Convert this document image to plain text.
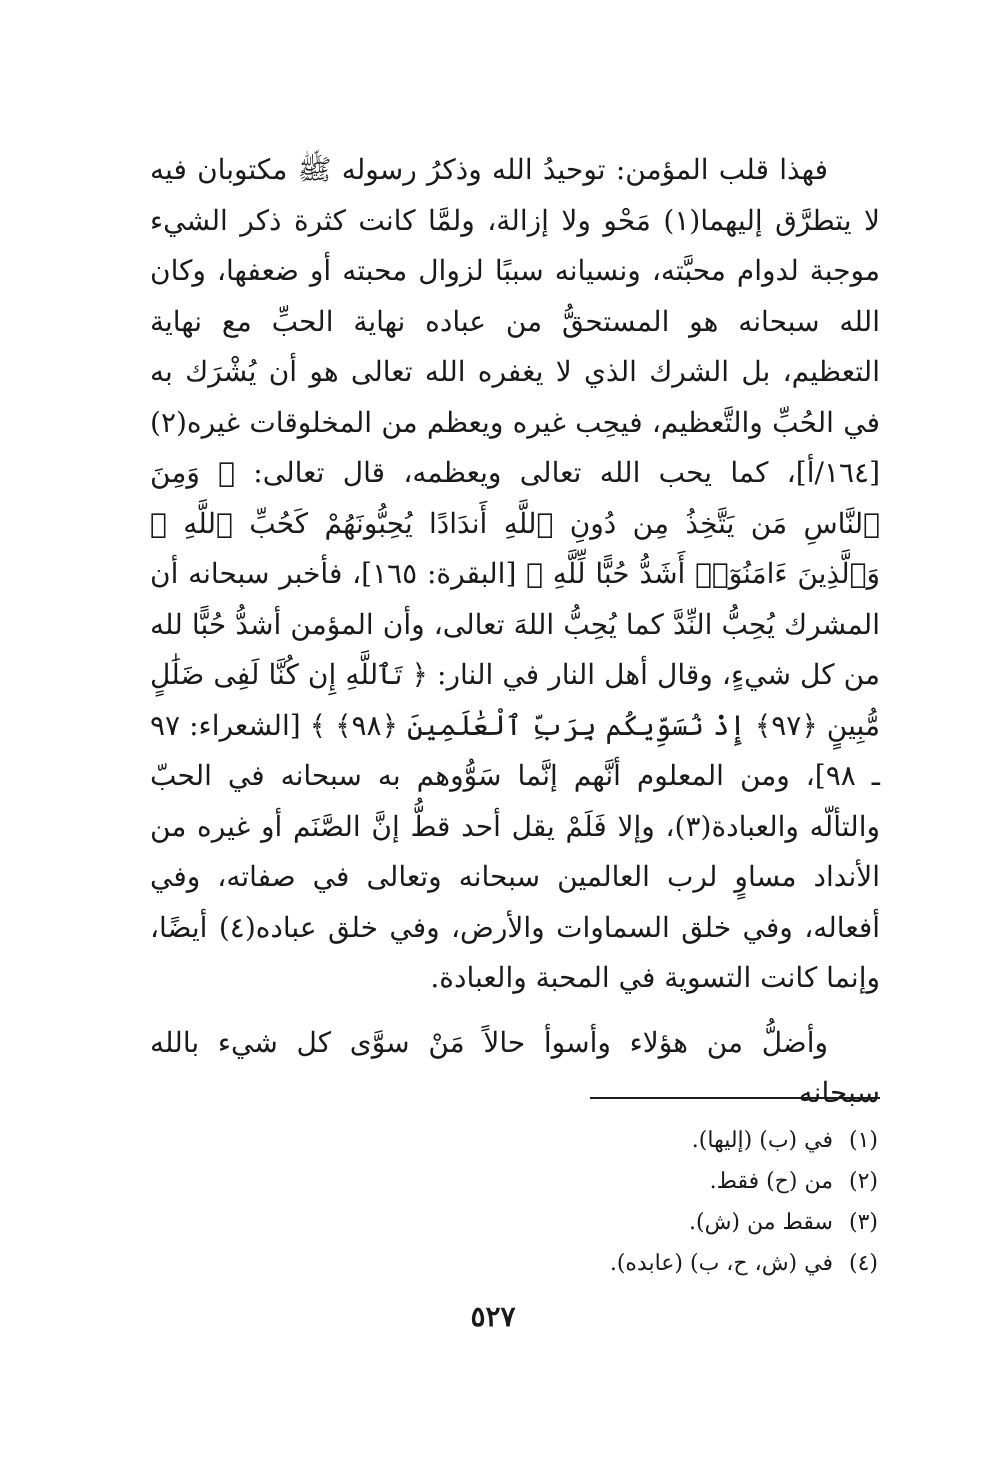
فهذا قلب المؤمن: توحيدُ الله وذكرُ رسوله ﷺ مكتوبان فيه لا يتطرَّق إليهما(١) مَحْو ولا إزالة، ولمَّا كانت كثرة ذكر الشيء موجبة لدوام محبَّته، ونسيانه سببًا لزوال محبته أو ضعفها، وكان الله سبحانه هو المستحقُّ من عباده نهاية الحبِّ مع نهاية التعظيم، بل الشرك الذي لا يغفره الله تعالى هو أن يُشْرَك به في الحُبِّ والتَّعظيم، فيحِب غيره ويعظم من المخلوقات غيره(٢) [١٦٤/أ]، كما يحب الله تعالى ويعظمه، قال تعالى: ﴿ وَمِنَ ٱلنَّاسِ مَن يَتَّخِذُ مِن دُونِ ٱللَّهِ أَندَادًا يُحِبُّونَهُمْ كَحُبِّ ٱللَّهِ ۖ وَٱلَّذِينَ ءَامَنُوٓا۟ أَشَدُّ حُبًّا لِّلَّهِ ﴾ [البقرة: ١٦٥]، فأخبر سبحانه أن المشرك يُحِبُّ النِّدَّ كما يُحِبُّ اللهَ تعالى، وأن المؤمن أشدُّ حُبًّا لله من كل شيءٍ، وقال أهل النار في النار: ﴿ تَٱللَّهِ إِن كُنَّا لَفِى ضَلَٰلٍ مُّبِينٍ ﴿٩٧﴾ إِذْ نُسَوِّيكُم بِرَبِّ ٱلْعَٰلَمِينَ ﴿٩٨﴾ ﴾ [الشعراء: ٩٧ ـ ٩٨]، ومن المعلوم أنَّهم إنَّما سَوُّوهم به سبحانه في الحبّ والتألّه والعبادة(٣)، وإلا فَلَمْ يقل أحد قطُّ إنَّ الصَّنَم أو غيره من الأنداد مساوٍ لرب العالمين سبحانه وتعالى في صفاته، وفي أفعاله، وفي خلق السماوات والأرض، وفي خلق عباده(٤) أيضًا، وإنما كانت التسوية في المحبة والعبادة.

وأضلُّ من هؤلاء وأسوأ حالاً مَنْ سوَّى كل شيء بالله سبحانه

(١)في (ب) (إليها).
(٢)من (ح) فقط.
(٣)سقط من (ش).
(٤)في (ش، ح، ب) (عابده).
٥٢٧
